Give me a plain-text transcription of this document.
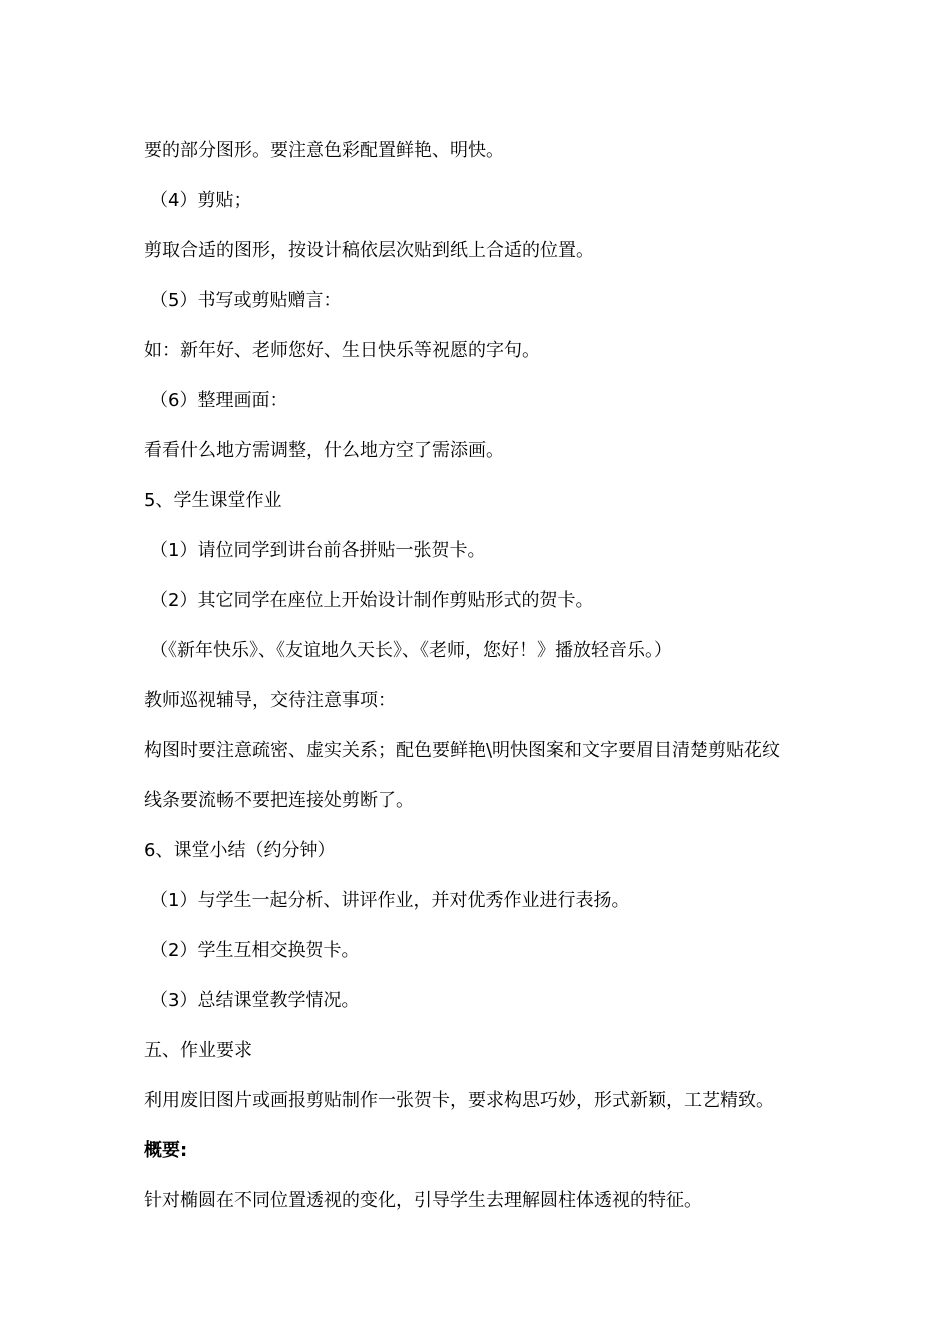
要的部分图形。要注意色彩配置鲜艳、明快。
（4）剪贴；
剪取合适的图形，按设计稿依层次贴到纸上合适的位置。
（5）书写或剪贴赠言：
如：新年好、老师您好、生日快乐等祝愿的字句。
（6）整理画面：
看看什么地方需调整，什么地方空了需添画。
5、学生课堂作业
（1）请位同学到讲台前各拼贴一张贺卡。
（2）其它同学在座位上开始设计制作剪贴形式的贺卡。
（《新年快乐》、《友谊地久天长》、《老师，您好！》播放轻音乐。）
教师巡视辅导，交待注意事项：
构图时要注意疏密、虚实关系；配色要鲜艳\明快图案和文字要眉目清楚剪贴花纹
线条要流畅不要把连接处剪断了。
6、课堂小结（约分钟）
（1）与学生一起分析、讲评作业，并对优秀作业进行表扬。
（2）学生互相交换贺卡。
（3）总结课堂教学情况。
五、作业要求
利用废旧图片或画报剪贴制作一张贺卡，要求构思巧妙，形式新颖，工艺精致。
概要:
针对椭圆在不同位置透视的变化，引导学生去理解圆柱体透视的特征。
